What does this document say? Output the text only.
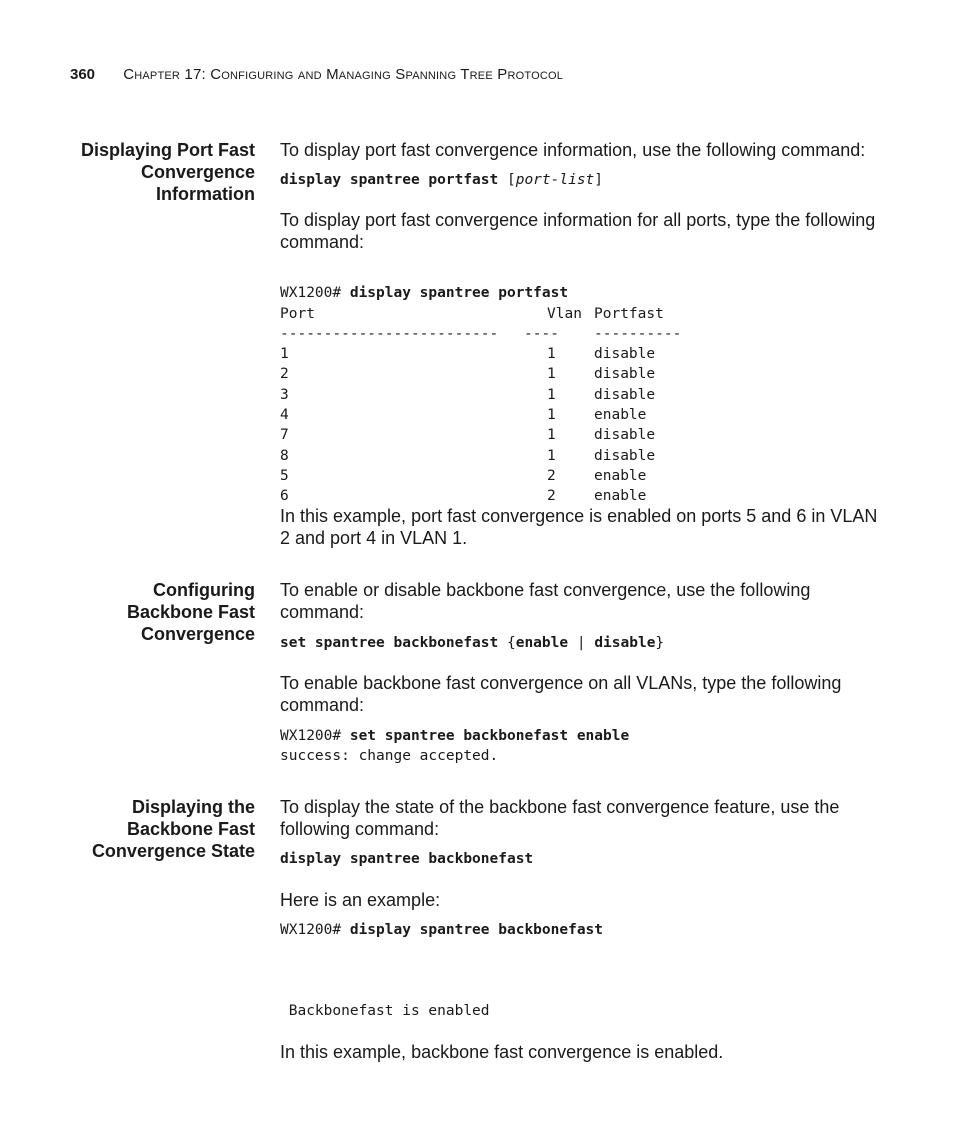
360 Chapter 17: Configuring and Managing Spanning Tree Protocol
Displaying Port Fast
Convergence
Information

To display port fast convergence information, use the following command:

display spantree portfast [port-list]

To display port fast convergence information for all ports, type the following command:

WX1200# display spantree portfast
Port	Vlan Portfast
------------------------- ---- ----------
1	1	disable
2	1	disable
3	1	disable
4	1	enable
7	1	disable
8	1	disable
5	2	enable
6	2	enable

In this example, port fast convergence is enabled on ports 5 and 6 in VLAN 2 and port 4 in VLAN 1.

Configuring
Backbone Fast
Convergence

To enable or disable backbone fast convergence, use the following command:

set spantree backbonefast {enable | disable}

To enable backbone fast convergence on all VLANs, type the following command:

WX1200# set spantree backbonefast enable
success: change accepted.
Displaying the
Backbone Fast
Convergence State

To display the state of the backbone fast convergence feature, use the following command:

display spantree backbonefast

Here is an example:

WX1200# display spantree backbonefast
Backbonefast is enabled

In this example, backbone fast convergence is enabled.
